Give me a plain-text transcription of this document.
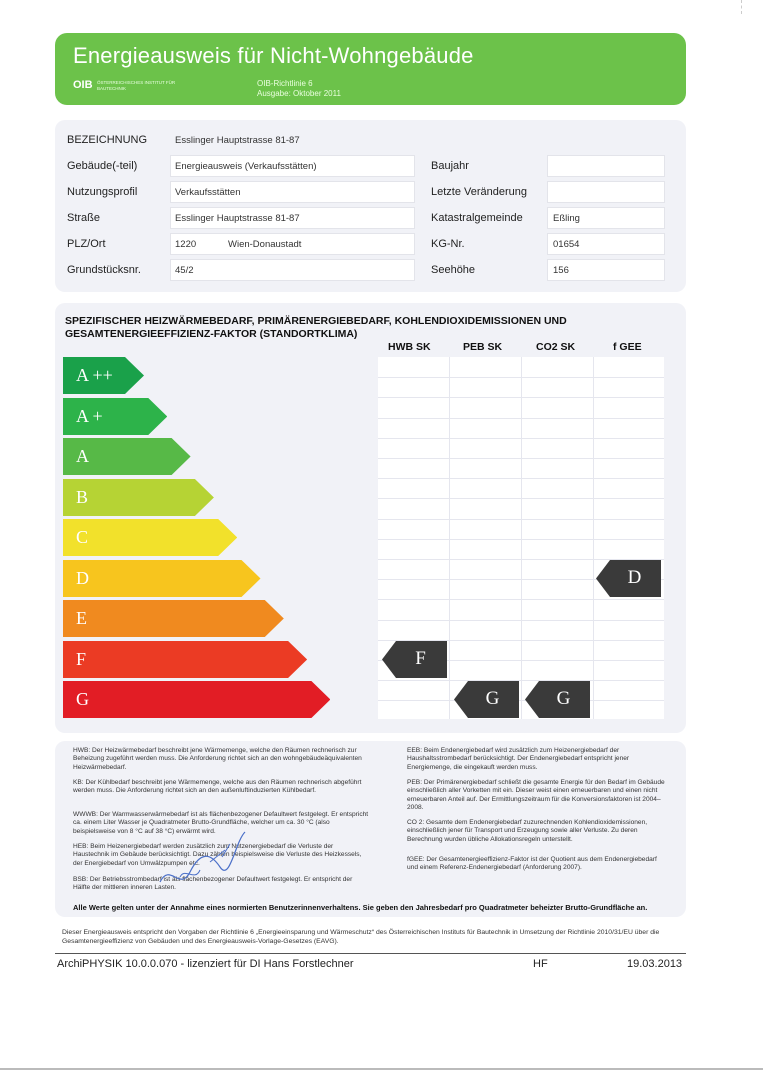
Energieausweis für Nicht-Wohngebäude
OIB ÖSTERREICHISCHES INSTITUT FÜR BAUTECHNIK
OIB-Richtlinie 6
Ausgabe: Oktober 2011
BEZEICHNUNG	Esslinger Hauptstrasse 81-87
Gebäude(-teil)	Energieausweis (Verkaufsstätten)	Baujahr
Nutzungsprofil	Verkaufsstätten	Letzte Veränderung
Straße	Esslinger Hauptstrasse 81-87	Katastralgemeinde	Eßling
PLZ/Ort	1220	Wien-Donaustadt	KG-Nr.	01654
Grundstücksnr.	45/2	Seehöhe	156
SPEZIFISCHER HEIZWÄRMEBEDARF, PRIMÄRENERGIEBEDARF, KOHLENDIOXIDEMISSIONEN UND GESAMTENERGIEEFFIZIENZ-FAKTOR (STANDORTKLIMA)
HWB SK	PEB SK	CO2 SK	f GEE
A ++
A +
A
B
C
D
E
F
G
F
G	G
D
HWB: Der Heizwärmebedarf beschreibt jene Wärmemenge, welche den Räumen rechnerisch zur Beheizung zugeführt werden muss. Die Anforderung richtet sich an den wohngebäudeäquivalenten Heizwärmebedarf.
KB: Der Kühlbedarf beschreibt jene Wärmemenge, welche aus den Räumen rechnerisch abgeführt werden muss. Die Anforderung richtet sich an den außenluftinduzierten Kühlbedarf.
WWWB: Der Warmwasserwärmebedarf ist als flächenbezogener Defaultwert festgelegt. Er entspricht ca. einem Liter Wasser je Quadratmeter Brutto-Grundfläche, welcher um ca. 30 °C (also beispielsweise von 8 °C auf 38 °C) erwärmt wird.
HEB: Beim Heizenergiebedarf werden zusätzlich zum Nutzenergiebedarf die Verluste der Haustechnik im Gebäude berücksichtigt. Dazu zählen beispielsweise die Verluste des Heizkessels, der Energiebedarf von Umwälzpumpen etc.
BSB: Der Betriebsstrombedarf ist als flächenbezogener Defaultwert festgelegt. Er entspricht der Hälfte der mittleren inneren Lasten.
EEB: Beim Endenergiebedarf wird zusätzlich zum Heizenergiebedarf der Haushaltsstrombedarf berücksichtigt. Der Endenergiebedarf entspricht jener Energiemenge, die eingekauft werden muss.
PEB: Der Primärenergiebedarf schließt die gesamte Energie für den Bedarf im Gebäude einschließlich aller Vorketten mit ein. Dieser weist einen erneuerbaren und einen nicht erneuerbaren Anteil auf. Der Ermittlungszeitraum für die Konversionsfaktoren ist 2004–2008.
CO 2: Gesamte dem Endenergiebedarf zuzurechnenden Kohlendioxidemissionen, einschließlich jener für Transport und Erzeugung sowie aller Verluste. Zu deren Berechnung wurden übliche Allokationsregeln unterstellt.
fGEE: Der Gesamtenergieeffizienz-Faktor ist der Quotient aus dem Endenergiebedarf und einem Referenz-Endenergiebedarf (Anforderung 2007).
Alle Werte gelten unter der Annahme eines normierten Benutzerinnenverhaltens. Sie geben den Jahresbedarf pro Quadratmeter beheizter Brutto-Grundfläche an.
Dieser Energieausweis entspricht den Vorgaben der Richtlinie 6 „Energieeinsparung und Wärmeschutz“ des Österreichischen Instituts für Bautechnik in Umsetzung der Richtlinie 2010/31/EU über die Gesamtenergieeffizienz von Gebäuden und des Energieausweis-Vorlage-Gesetzes (EAVG).
ArchiPHYSIK 10.0.0.070 - lizenziert für DI Hans Forstlechner	HF	19.03.2013
